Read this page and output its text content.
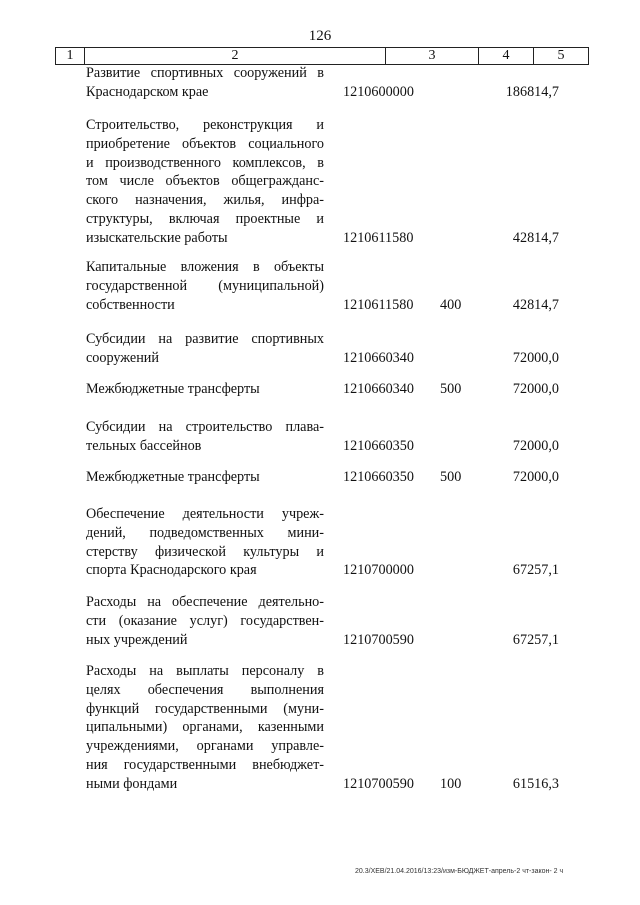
126
1	2	3	4	5
Развитие спортивных сооружений в
Краснодарском крае	1210600000	186814,7
Строительство, реконструкция и
приобретение объектов социального
и производственного комплексов, в
том числе объектов общегражданс-
ского назначения, жилья, инфра-
структуры, включая проектные и
изыскательские работы	1210611580	42814,7
Капитальные вложения в объекты
государственной (муниципальной)
собственности	1210611580 400	42814,7
Субсидии на развитие спортивных
сооружений	1210660340	72000,0
Межбюджетные трансферты	1210660340 500	72000,0
Субсидии на строительство плава-
тельных бассейнов	1210660350	72000,0
Межбюджетные трансферты	1210660350 500	72000,0
Обеспечение деятельности учреж-
дений, подведомственных мини-
стерству физической культуры и
спорта Краснодарского края	1210700000	67257,1
Расходы на обеспечение деятельно-
сти (оказание услуг) государствен-
ных учреждений	1210700590	67257,1
Расходы на выплаты персоналу в
целях обеспечения выполнения
функций государственными (муни-
ципальными) органами, казенными
учреждениями, органами управле-
ния государственными внебюджет-
ными фондами	1210700590 100	61516,3
20.3/ХЕВ/21.04.2016/13:23/изм-БЮДЖЕТ-апрель-2 чт-закон- 2 ч
